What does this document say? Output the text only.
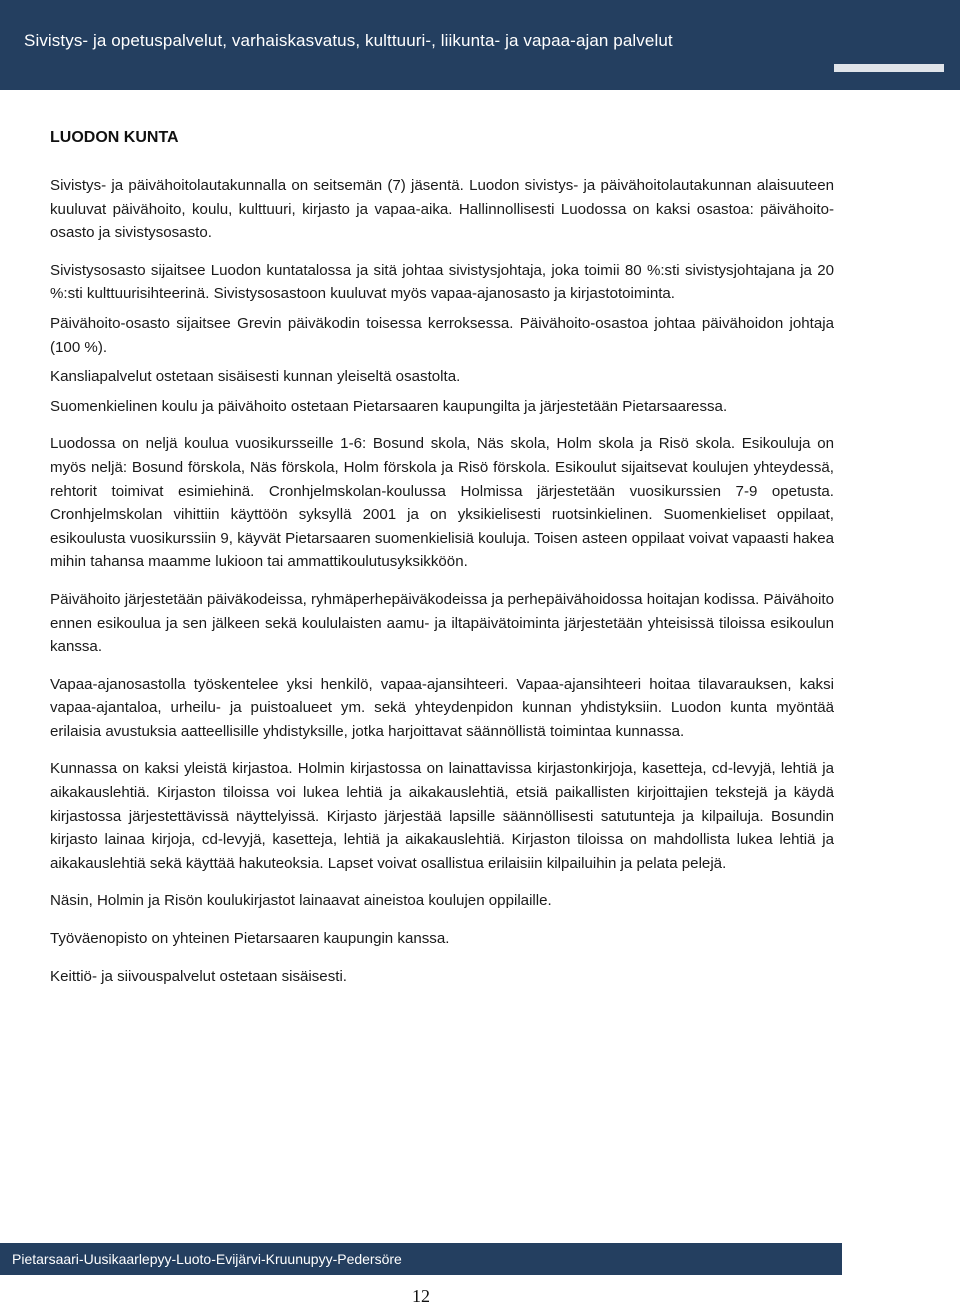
Sivistys- ja opetuspalvelut, varhaiskasvatus, kulttuuri-, liikunta- ja vapaa-ajan palvelut
LUODON KUNTA

Sivistys- ja päivähoitolautakunnalla on seitsemän (7) jäsentä. Luodon sivistys- ja päivähoitolautakunnan alaisuuteen kuuluvat päivähoito, koulu, kulttuuri, kirjasto ja vapaa-aika. Hallinnollisesti Luodossa on kaksi osastoa: päivähoito-osasto ja sivistysosasto.

Sivistysosasto sijaitsee Luodon kuntatalossa ja sitä johtaa sivistysjohtaja, joka toimii 80 %:sti sivistysjohtajana ja 20 %:sti kulttuurisihteerinä. Sivistysosastoon kuuluvat myös vapaa-ajanosasto ja kirjastotoiminta.

Päivähoito-osasto sijaitsee Grevin päiväkodin toisessa kerroksessa. Päivähoito-osastoa johtaa päivähoidon johtaja (100 %).

Kansliapalvelut ostetaan sisäisesti kunnan yleiseltä osastolta.

Suomenkielinen koulu ja päivähoito ostetaan Pietarsaaren kaupungilta ja järjestetään Pietarsaaressa.

Luodossa on neljä koulua vuosikursseille 1-6: Bosund skola, Näs skola, Holm skola ja Risö skola. Esikouluja on myös neljä: Bosund förskola, Näs förskola, Holm förskola ja Risö förskola. Esikoulut sijaitsevat koulujen yhteydessä, rehtorit toimivat esimiehinä. Cronhjelmskolan-koulussa Holmissa järjestetään vuosikurssien 7-9 opetusta. Cronhjelmskolan vihittiin käyttöön syksyllä 2001 ja on yksikielisesti ruotsinkielinen. Suomenkieliset oppilaat, esikoulusta vuosikurssiin 9, käyvät Pietarsaaren suomenkielisiä kouluja. Toisen asteen oppilaat voivat vapaasti hakea mihin tahansa maamme lukioon tai ammattikoulutusyksikköön.

Päivähoito järjestetään päiväkodeissa, ryhmäperhepäiväkodeissa ja perhepäivähoidossa hoitajan kodissa. Päivähoito ennen esikoulua ja sen jälkeen sekä koululaisten aamu- ja iltapäivätoiminta järjestetään yhteisissä tiloissa esikoulun kanssa.

Vapaa-ajanosastolla työskentelee yksi henkilö, vapaa-ajansihteeri. Vapaa-ajansihteeri hoitaa tilavarauksen, kaksi vapaa-ajantaloa, urheilu- ja puistoalueet ym. sekä yhteydenpidon kunnan yhdistyksiin. Luodon kunta myöntää erilaisia avustuksia aatteellisille yhdistyksille, jotka harjoittavat säännöllistä toimintaa kunnassa.

Kunnassa on kaksi yleistä kirjastoa. Holmin kirjastossa on lainattavissa kirjastonkirjoja, kasetteja, cd-levyjä, lehtiä ja aikakauslehtiä. Kirjaston tiloissa voi lukea lehtiä ja aikakauslehtiä, etsiä paikallisten kirjoittajien tekstejä ja käydä kirjastossa järjestettävissä näyttelyissä. Kirjasto järjestää lapsille säännöllisesti satutunteja ja kilpailuja. Bosundin kirjasto lainaa kirjoja, cd-levyjä, kasetteja, lehtiä ja aikakauslehtiä. Kirjaston tiloissa on mahdollista lukea lehtiä ja aikakauslehtiä sekä käyttää hakuteoksia. Lapset voivat osallistua erilaisiin kilpailuihin ja pelata pelejä.

Näsin, Holmin ja Risön koulukirjastot lainaavat aineistoa koulujen oppilaille.

Työväenopisto on yhteinen Pietarsaaren kaupungin kanssa.

Keittiö- ja siivouspalvelut ostetaan sisäisesti.

Pietarsaari-Uusikaarlepyy-Luoto-Evijärvi-Kruunupyy-Pedersöre
12
